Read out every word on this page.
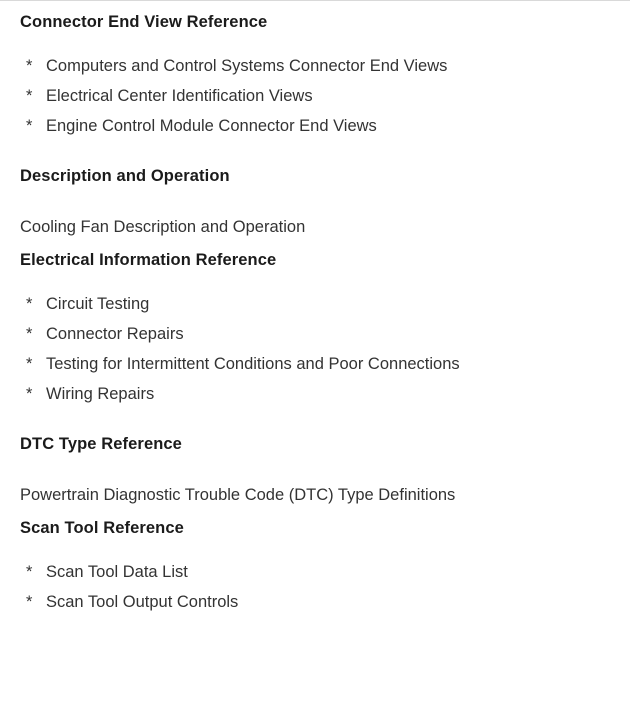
Connector End View Reference
* Computers and Control Systems Connector End Views
* Electrical Center Identification Views
* Engine Control Module Connector End Views
Description and Operation

Cooling Fan Description and Operation

Electrical Information Reference
* Circuit Testing
* Connector Repairs
* Testing for Intermittent Conditions and Poor Connections
* Wiring Repairs
DTC Type Reference

Powertrain Diagnostic Trouble Code (DTC) Type Definitions

Scan Tool Reference
* Scan Tool Data List
* Scan Tool Output Controls
